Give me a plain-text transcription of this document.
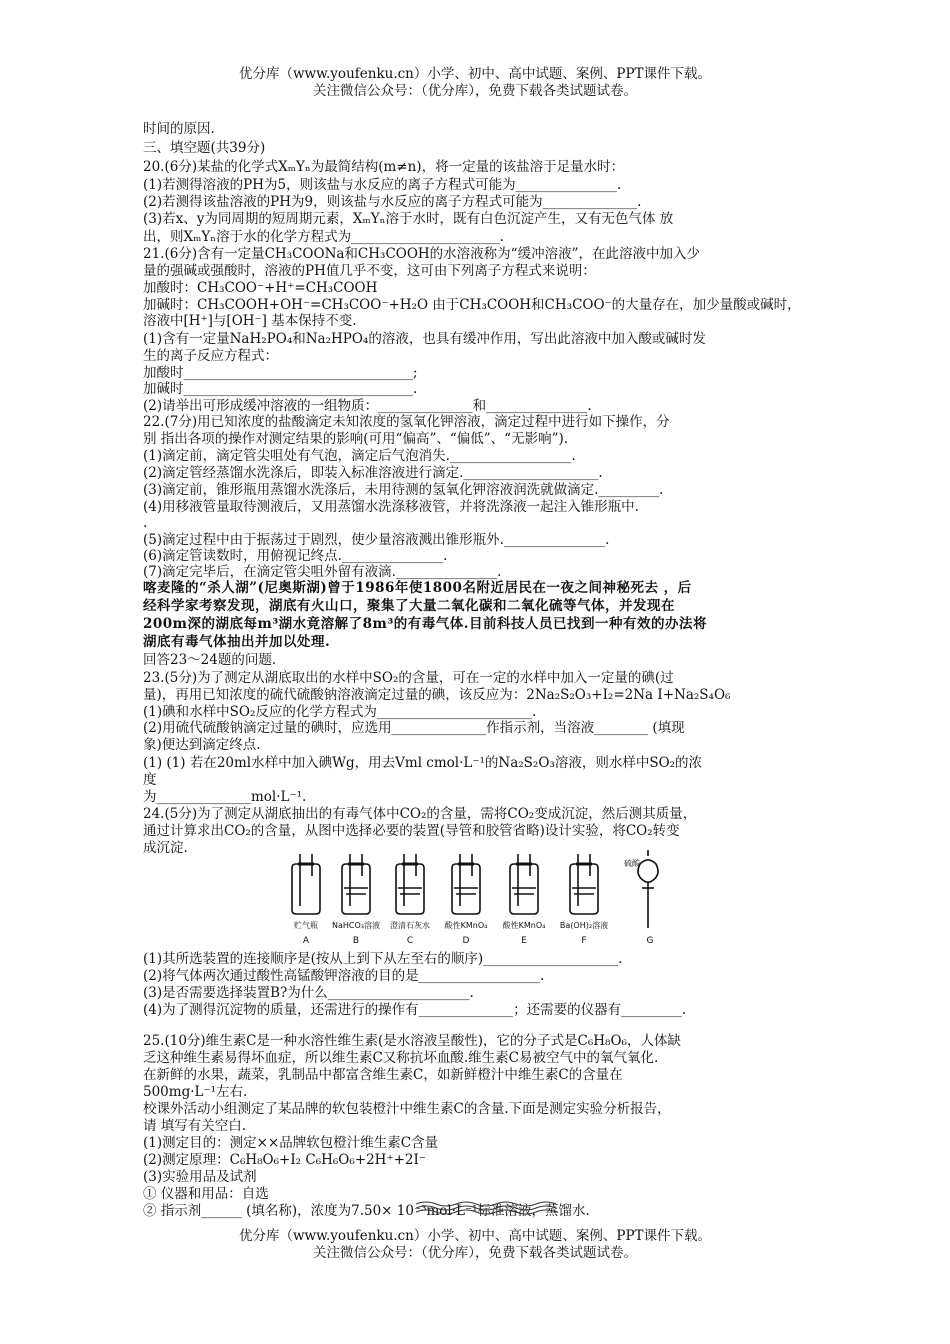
优分库（www.youfenku.cn）小学、初中、高中试题、案例、PPT课件下载。
关注微信公众号：（优分库），免费下载各类试题试卷。
时间的原因.
三、填空题(共39分)
20.(6分)某盐的化学式XₘYₙ为最简结构(m≠n)，将一定量的该盐溶于足量水时：
(1)若测得溶液的PH为5，则该盐与水反应的离子方程式可能为_______________.
(2)若测得该盐溶液的PH为9，则该盐与水反应的离子方程式可能为______________.
(3)若x、y为同周期的短周期元素，XₘYₙ溶于水时，既有白色沉淀产生，又有无色气体 放
出，则XₘYₙ溶于水的化学方程式为______________________.
21.(6分)含有一定量CH₃COONa和CH₃COOH的水溶液称为“缓冲溶液”，在此溶液中加入少
量的强碱或强酸时，溶液的PH值几乎不变，这可由下列离子方程式来说明：
加酸时：CH₃COO⁻+H⁺=CH₃COOH
加碱时：CH₃COOH+OH⁻=CH₃COO⁻+H₂O 由于CH₃COOH和CH₃COO⁻的大量存在，加少量酸或碱时，
溶液中[H⁺]与[OH⁻] 基本保持不变.
(1)含有一定量NaH₂PO₄和Na₂HPO₄的溶液，也具有缓冲作用，写出此溶液中加入酸或碱时发
生的离子反应方程式：
加酸时__________________________________;
加碱时__________________________________.
(2)请举出可形成缓冲溶液的一组物质：______________和_______________.
22.(7分)用已知浓度的盐酸滴定未知浓度的氢氧化钾溶液，滴定过程中进行如下操作，分
别 指出各项的操作对测定结果的影响(可用“偏高”、“偏低”、“无影响”).
(1)滴定前，滴定管尖咀处有气泡，滴定后气泡消失.__________________.
(2)滴定管经蒸馏水洗涤后，即装入标准溶液进行滴定.____________________.
(3)滴定前，锥形瓶用蒸馏水洗涤后，未用待测的氢氧化钾溶液润洗就做滴定._________.
(4)用移液管量取待测液后，又用蒸馏水洗涤移液管，并将洗涤液一起注入锥形瓶中.
.
(5)滴定过程中由于振荡过于剧烈，使少量溶液溅出锥形瓶外._______________.
(6)滴定管读数时，用俯视记终点._______________.
(7)滴定完毕后，在滴定管尖咀外留有液滴._______________.
喀麦隆的“杀人湖”(尼奥斯湖)曾于1986年使1800名附近居民在一夜之间神秘死去 ，后
经科学家考察发现，湖底有火山口，聚集了大量二氧化碳和二氧化硫等气体，并发现在
200m深的湖底每m³湖水竟溶解了8m³的有毒气体.目前科技人员已找到一种有效的办法将
湖底有毒气体抽出并加以处理.
回答23～24题的问题.
23.(5分)为了测定从湖底取出的水样中SO₂的含量，可在一定的水样中加入一定量的碘(过
量)，再用已知浓度的硫代硫酸钠溶液滴定过量的碘，该反应为：2Na₂S₂O₃+I₂=2Na I+Na₂S₄O₆
(1)碘和水样中SO₂反应的化学方程式为_______________________.
(2)用硫代硫酸钠滴定过量的碘时，应选用______________作指示剂，当溶液________ (填现
象)便达到滴定终点.
(1) (1) 若在20ml水样中加入碘Wg，用去Vml cmol·L⁻¹的Na₂S₂O₃溶液，则水样中SO₂的浓
度
为______________mol·L⁻¹.
24.(5分)为了测定从湖底抽出的有毒气体中CO₂的含量，需将CO₂变成沉淀，然后测其质量，
通过计算求出CO₂的含量，从图中选择必要的装置(导管和胶管省略)设计实验，将CO₂转变
成沉淀.
贮气瓶 NaHCO₃溶液 澄清石灰水 酸性KMnO₄ 酸性KMnO₄ Ba(OH)₂溶液
硫酸
A	B	C	D	E	F	G
(1)其所选装置的连接顺序是(按从上到下从左至右的顺序)____________________.
(2)将气体两次通过酸性高锰酸钾溶液的目的是__________________.
(3)是否需要选择装置B?为什么_____________________.
(4)为了测得沉淀物的质量，还需进行的操作有______________；还需要的仪器有_________.
25.(10分)维生素C是一种水溶性维生素(是水溶液呈酸性)，它的分子式是C₆H₈O₆，人体缺
乏这种维生素易得坏血症，所以维生素C又称抗坏血酸.维生素C易被空气中的氧气氧化.
在新鲜的水果，蔬菜，乳制品中都富含维生素C，如新鲜橙汁中维生素C的含量在
500mg·L⁻¹左右.
校课外活动小组测定了某品牌的软包装橙汁中维生素C的含量.下面是测定实验分析报告，
请 填写有关空白.
(1)测定目的：测定××品牌软包橙汁维生素C含量
(2)测定原理：C₆H₈O₆+I₂ C₆H₆O₆+2H⁺+2I⁻
(3)实验用品及试剂
① 仪器和用品：自选
② 指示剂______ (填名称)，浓度为7.50× 10⁻³mol·L⁻¹标准溶液，蒸馏水.
优分库（www.youfenku.cn）小学、初中、高中试题、案例、PPT课件下载。
关注微信公众号：（优分库），免费下载各类试题试卷。
